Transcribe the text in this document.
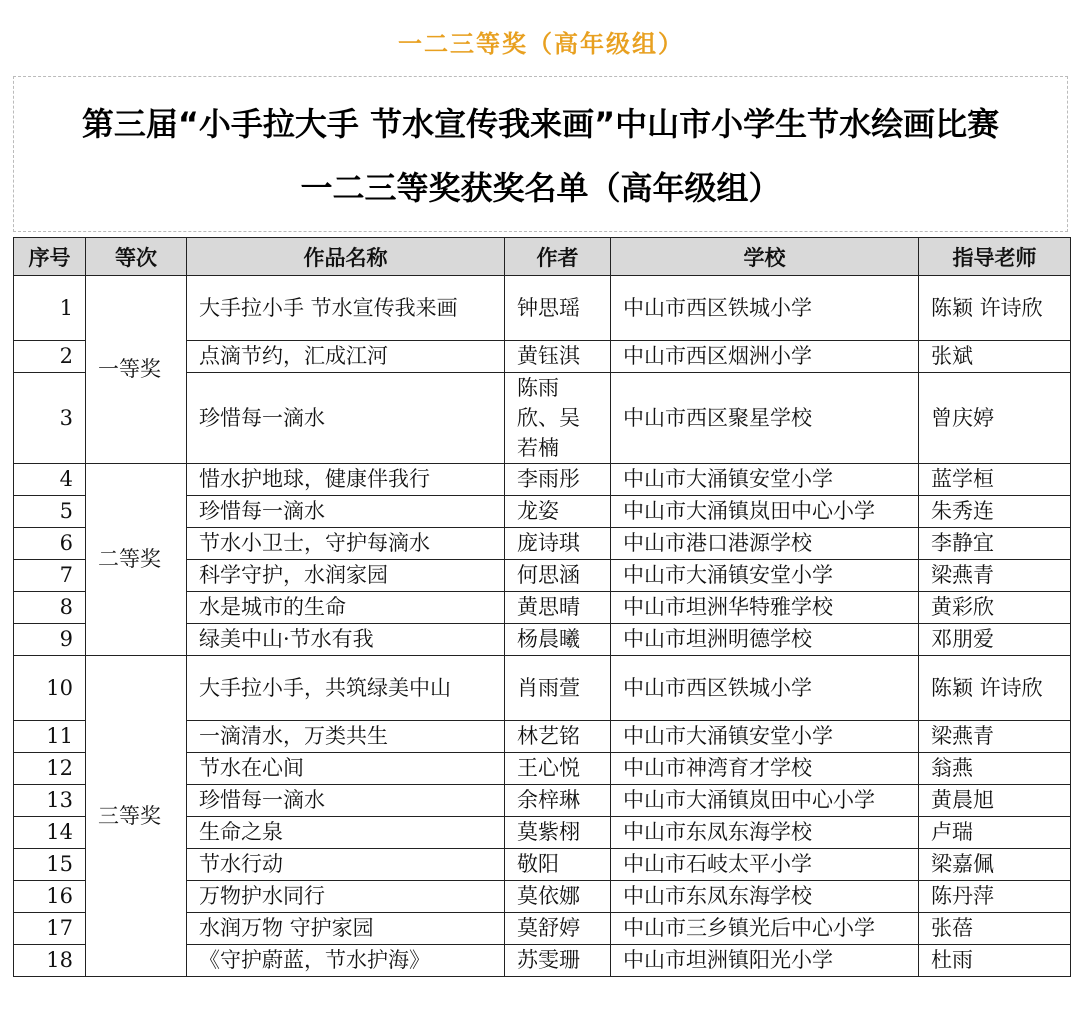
一二三等奖（高年级组）
第三届“小手拉大手 节水宣传我来画”中山市小学生节水绘画比赛
一二三等奖获奖名单（高年级组）
序号	等次	作品名称	作者	学校	指导老师
1	一等奖	大手拉小手 节水宣传我来画	钟思瑶	中山市西区铁城小学	陈颖 许诗欣
2		点滴节约，汇成江河	黄钰淇	中山市西区烟洲小学	张斌
3		珍惜每一滴水	陈雨欣、吴若楠	中山市西区聚星学校	曾庆婷
4	二等奖	惜水护地球，健康伴我行	李雨彤	中山市大涌镇安堂小学	蓝学桓
5		珍惜每一滴水	龙姿	中山市大涌镇岚田中心小学	朱秀连
6		节水小卫士，守护每滴水	庞诗琪	中山市港口港源学校	李静宜
7		科学守护，水润家园	何思涵	中山市大涌镇安堂小学	梁燕青
8		水是城市的生命	黄思晴	中山市坦洲华特雅学校	黄彩欣
9		绿美中山·节水有我	杨晨曦	中山市坦洲明德学校	邓朋爱
10	三等奖	大手拉小手，共筑绿美中山	肖雨萱	中山市西区铁城小学	陈颖 许诗欣
11		一滴清水，万类共生	林艺铭	中山市大涌镇安堂小学	梁燕青
12		节水在心间	王心悦	中山市神湾育才学校	翁燕
13		珍惜每一滴水	余梓琳	中山市大涌镇岚田中心小学	黄晨旭
14		生命之泉	莫紫栩	中山市东凤东海学校	卢瑞
15		节水行动	敬阳	中山市石岐太平小学	梁嘉佩
16		万物护水同行	莫依娜	中山市东凤东海学校	陈丹萍
17		水润万物 守护家园	莫舒婷	中山市三乡镇光后中心小学	张蓓
18		《守护蔚蓝，节水护海》	苏雯珊	中山市坦洲镇阳光小学	杜雨
